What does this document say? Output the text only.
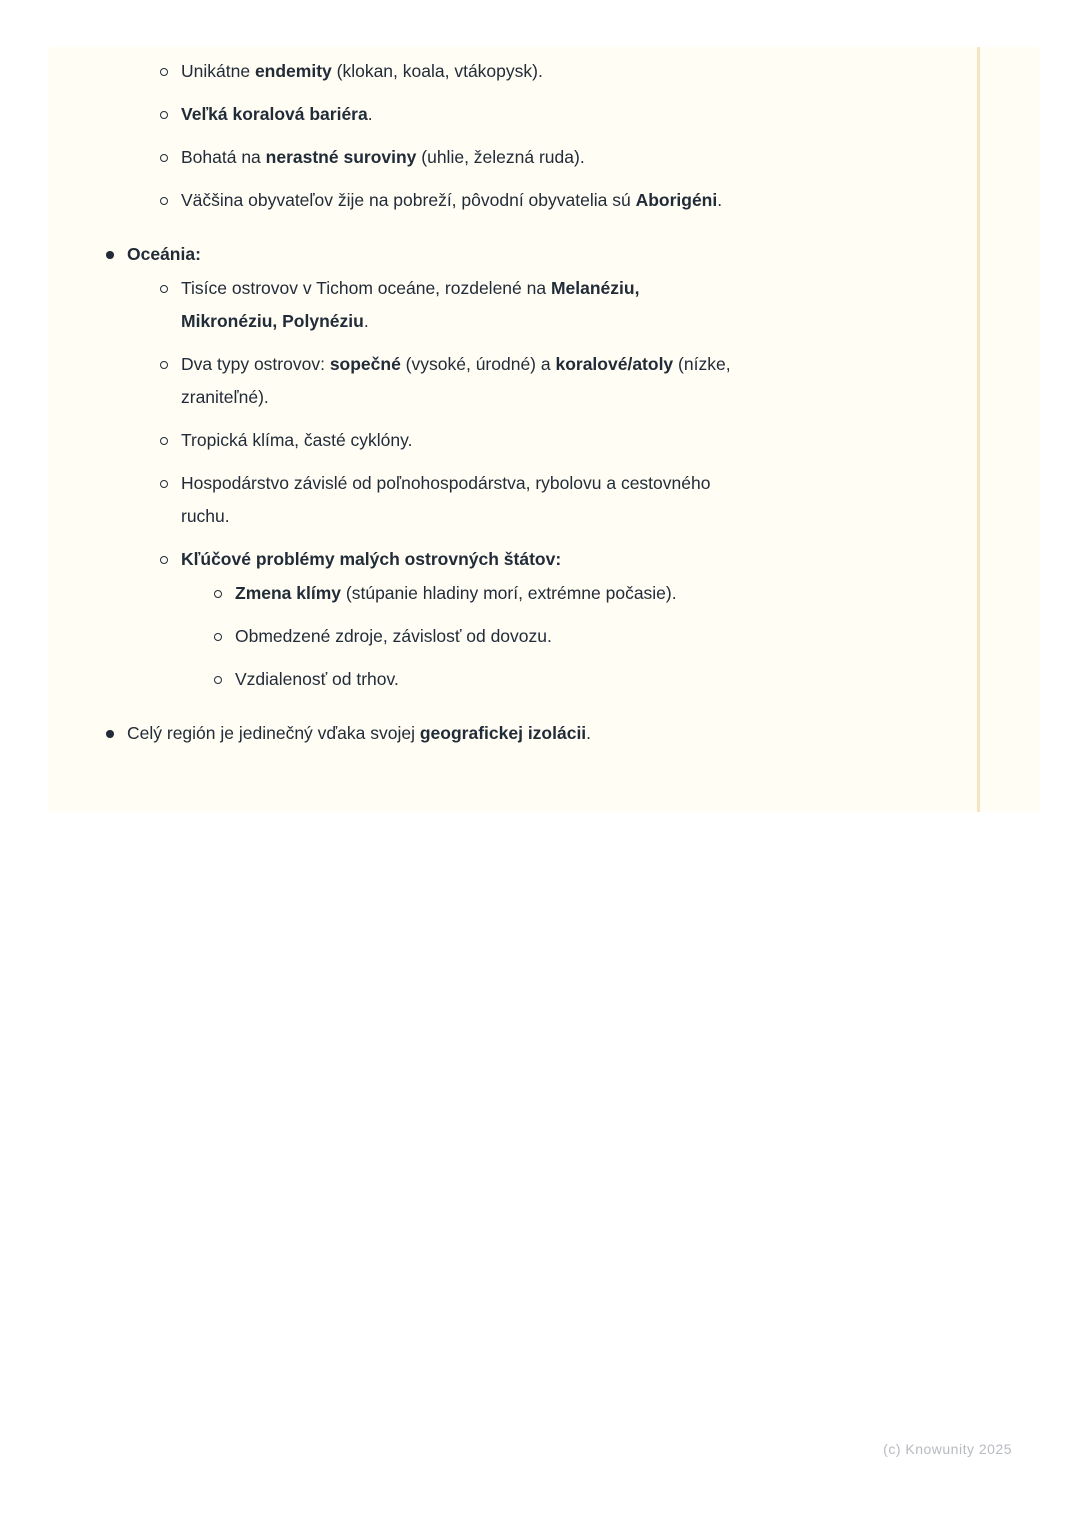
Unikátne endemity (klokan, koala, vtákopysk).
Veľká koralová bariéra.
Bohatá na nerastné suroviny (uhlie, železná ruda).
Väčšina obyvateľov žije na pobreží, pôvodní obyvatelia sú Aborigéni.
Oceánia:
Tisíce ostrovov v Tichom oceáne, rozdelené na Melanéziu,
Mikronéziu, Polynéziu.
Dva typy ostrovov: sopečné (vysoké, úrodné) a koralové/atoly (nízke,
zraniteľné).
Tropická klíma, časté cyklóny.
Hospodárstvo závislé od poľnohospodárstva, rybolovu a cestovného
ruchu.
Kľúčové problémy malých ostrovných štátov:
Zmena klímy (stúpanie hladiny morí, extrémne počasie).
Obmedzené zdroje, závislosť od dovozu.
Vzdialenosť od trhov.
Celý región je jedinečný vďaka svojej geografickej izolácii.
(c) Knowunity 2025
